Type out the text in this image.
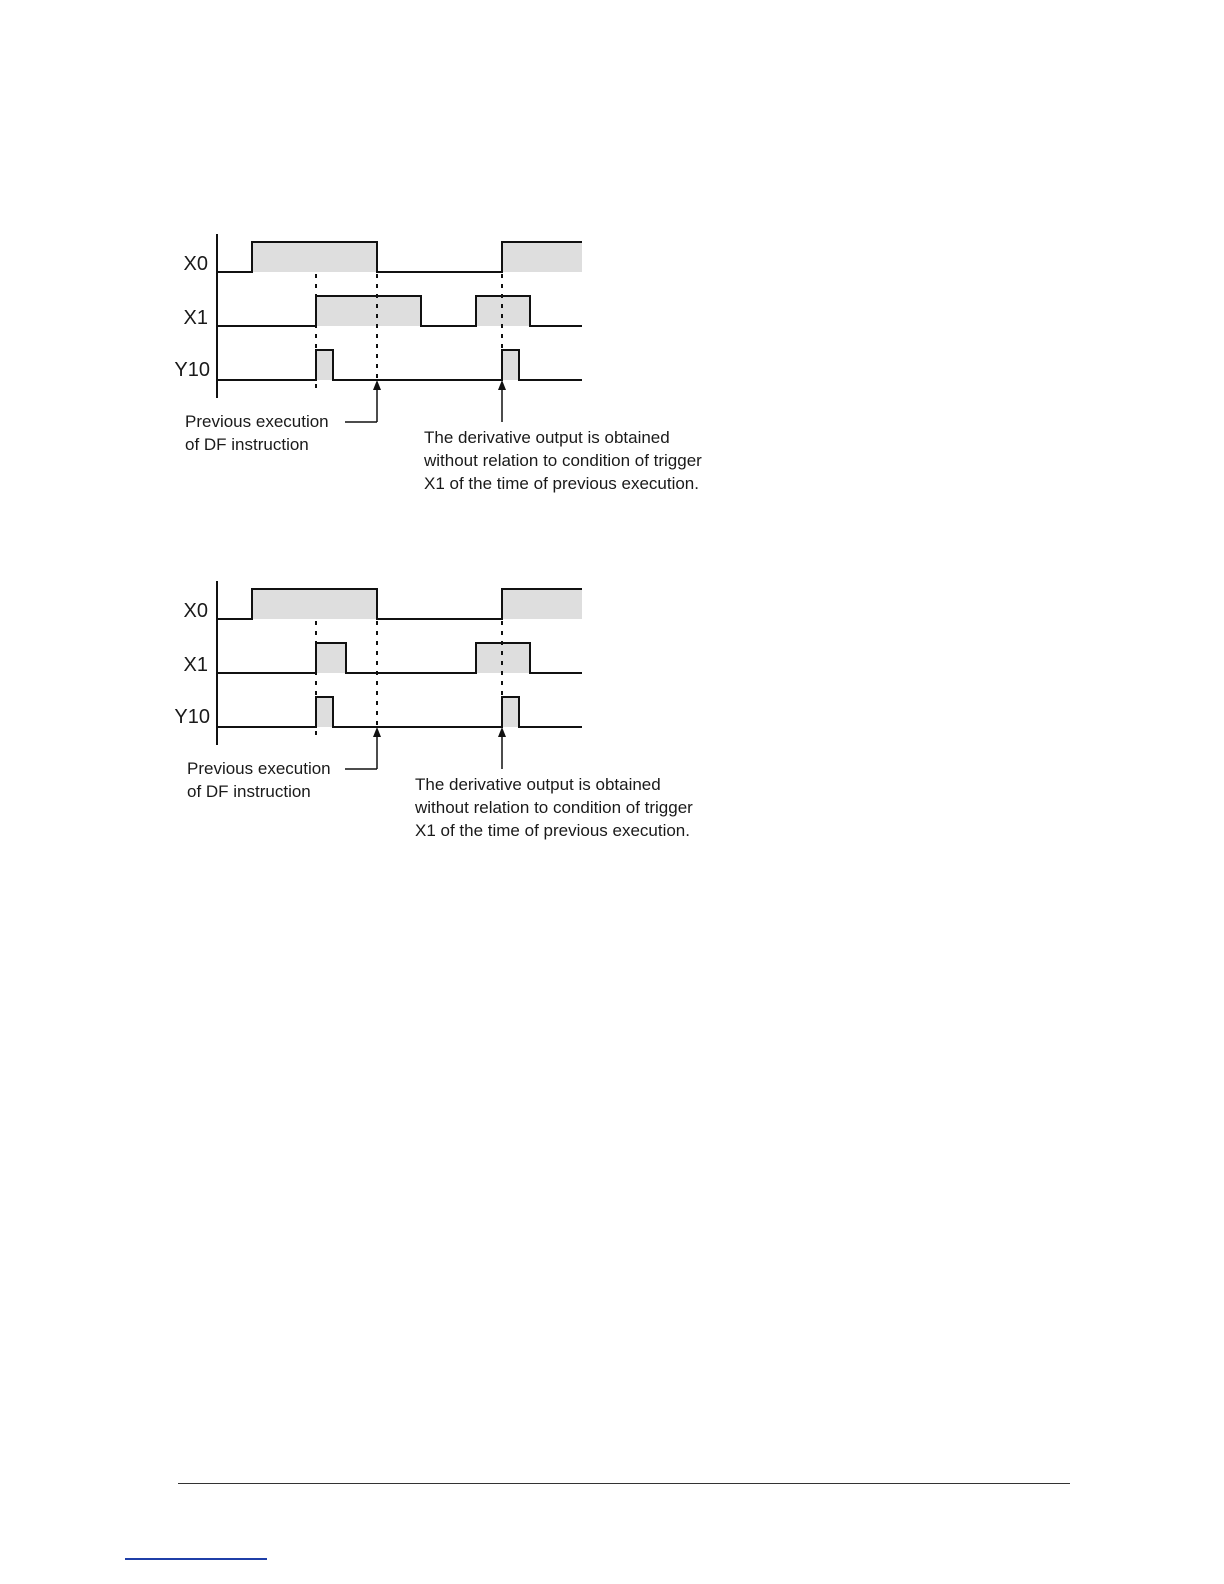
X0
X1
Y10
Previous execution
of DF instruction	The derivative output is obtained
without relation to condition of trigger
X1 of the time of previous execution.
X0
X1
Y10
Previous execution
of DF instruction	The derivative output is obtained
without relation to condition of trigger
X1 of the time of previous execution.
